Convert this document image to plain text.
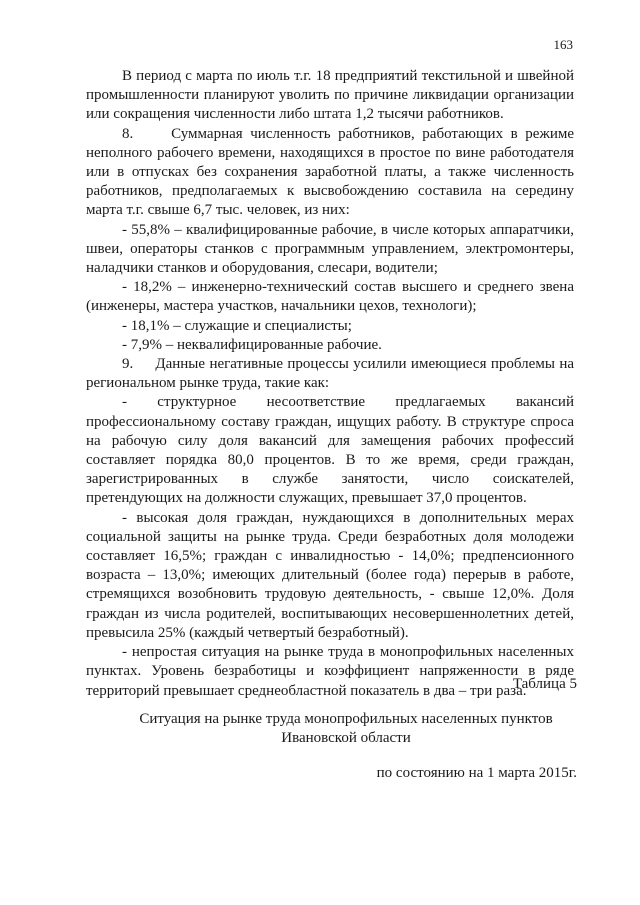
163

В период с марта по июль т.г. 18 предприятий текстильной и швейной промышленности планируют уволить по причине ликвидации организации или сокращения численности либо штата 1,2 тысячи работников.

8.     Суммарная численность работников, работающих в режиме неполного рабочего времени, находящихся в простое по вине работодателя или в отпусках без сохранения заработной платы, а также численность работников, предполагаемых к высвобождению составила на середину марта т.г. свыше 6,7 тыс. человек, из них:

- 55,8% – квалифицированные рабочие, в числе которых аппаратчики, швеи, операторы станков с программным управлением, электромонтеры, наладчики станков и оборудования, слесари, водители;

- 18,2% – инженерно-технический состав высшего и среднего звена (инженеры, мастера участков, начальники цехов, технологи);

- 18,1% – служащие и специалисты;

- 7,9% – неквалифицированные рабочие.

9.     Данные негативные процессы усилили имеющиеся проблемы на региональном рынке труда, такие как:

- структурное несоответствие предлагаемых вакансий профессиональному составу граждан, ищущих работу. В структуре спроса на рабочую силу доля вакансий для замещения рабочих профессий составляет порядка 80,0 процентов. В то же время, среди граждан, зарегистрированных в службе занятости, число соискателей, претендующих на должности служащих, превышает 37,0 процентов.

- высокая доля граждан, нуждающихся в дополнительных мерах социальной защиты на рынке труда. Среди безработных доля молодежи составляет 16,5%; граждан с инвалидностью - 14,0%; предпенсионного возраста – 13,0%; имеющих длительный (более года) перерыв в работе, стремящихся возобновить трудовую деятельность, - свыше 12,0%. Доля граждан из числа родителей, воспитывающих несовершеннолетних детей, превысила 25% (каждый четвертый безработный).

- непростая ситуация на рынке труда в монопрофильных населенных пунктах. Уровень безработицы и коэффициент напряженности в ряде территорий превышает среднеобластной показатель в два – три раза.

Таблица 5
Ситуация на рынке труда монопрофильных населенных пунктов
Ивановской области
по состоянию на 1 марта 2015г.
